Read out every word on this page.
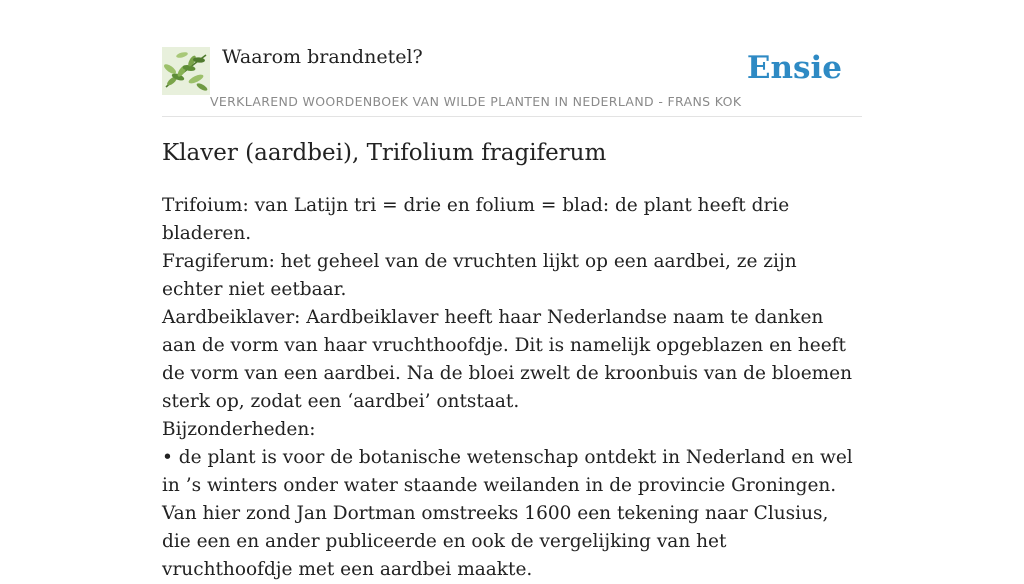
Waarom brandnetel?
VERKLAREND WOORDENBOEK VAN WILDE PLANTEN IN NEDERLAND - FRANS KOK
Ensie
Klaver (aardbei), Trifolium fragiferum

Trifoium: van Latijn tri = drie en folium = blad: de plant heeft drie bladeren.

Fragiferum: het geheel van de vruchten lijkt op een aardbei, ze zijn echter niet eetbaar.

Aardbeiklaver: Aardbeiklaver heeft haar Nederlandse naam te danken aan de vorm van haar vruchthoofdje. Dit is namelijk opgeblazen en heeft de vorm van een aardbei. Na de bloei zwelt de kroonbuis van de bloemen sterk op, zodat een ‘aardbei’ ontstaat.

Bijzonderheden:

• de plant is voor de botanische wetenschap ontdekt in Nederland en wel in ’s winters onder water staande weilanden in de provincie Groningen. Van hier zond Jan Dortman omstreeks 1600 een tekening naar Clusius, die een en ander publiceerde en ook de vergelijking van het vruchthoofdje met een aardbei maakte.
